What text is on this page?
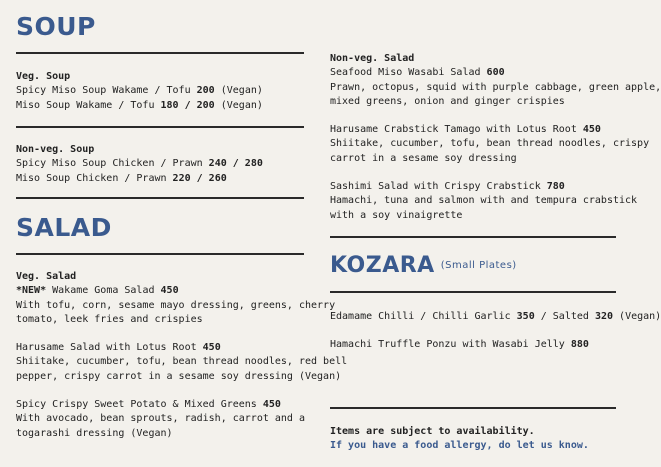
SOUP
Veg. Soup
Spicy Miso Soup Wakame / Tofu 200 (Vegan)
Miso Soup Wakame / Tofu 180 / 200 (Vegan)
Non-veg. Soup
Spicy Miso Soup Chicken / Prawn 240 / 280
Miso Soup Chicken / Prawn 220 / 260
SALAD
Veg. Salad
*NEW* Wakame Goma Salad 450
With tofu, corn, sesame mayo dressing, greens, cherry
tomato, leek fries and crispies
Harusame Salad with Lotus Root 450
Shiitake, cucumber, tofu, bean thread noodles, red bell
pepper, crispy carrot in a sesame soy dressing (Vegan)
Spicy Crispy Sweet Potato & Mixed Greens 450
With avocado, bean sprouts, radish, carrot and a
togarashi dressing (Vegan)
Non-veg. Salad
Seafood Miso Wasabi Salad 600
Prawn, octopus, squid with purple cabbage, green apple,
mixed greens, onion and ginger crispies
Harusame Crabstick Tamago with Lotus Root 450
Shiitake, cucumber, tofu, bean thread noodles, crispy
carrot in a sesame soy dressing
Sashimi Salad with Crispy Crabstick 780
Hamachi, tuna and salmon with and tempura crabstick
with a soy vinaigrette
KOZARA (Small Plates)
Edamame Chilli / Chilli Garlic 350 / Salted 320 (Vegan)
Hamachi Truffle Ponzu with Wasabi Jelly 880
Items are subject to availability.
If you have a food allergy, do let us know.
